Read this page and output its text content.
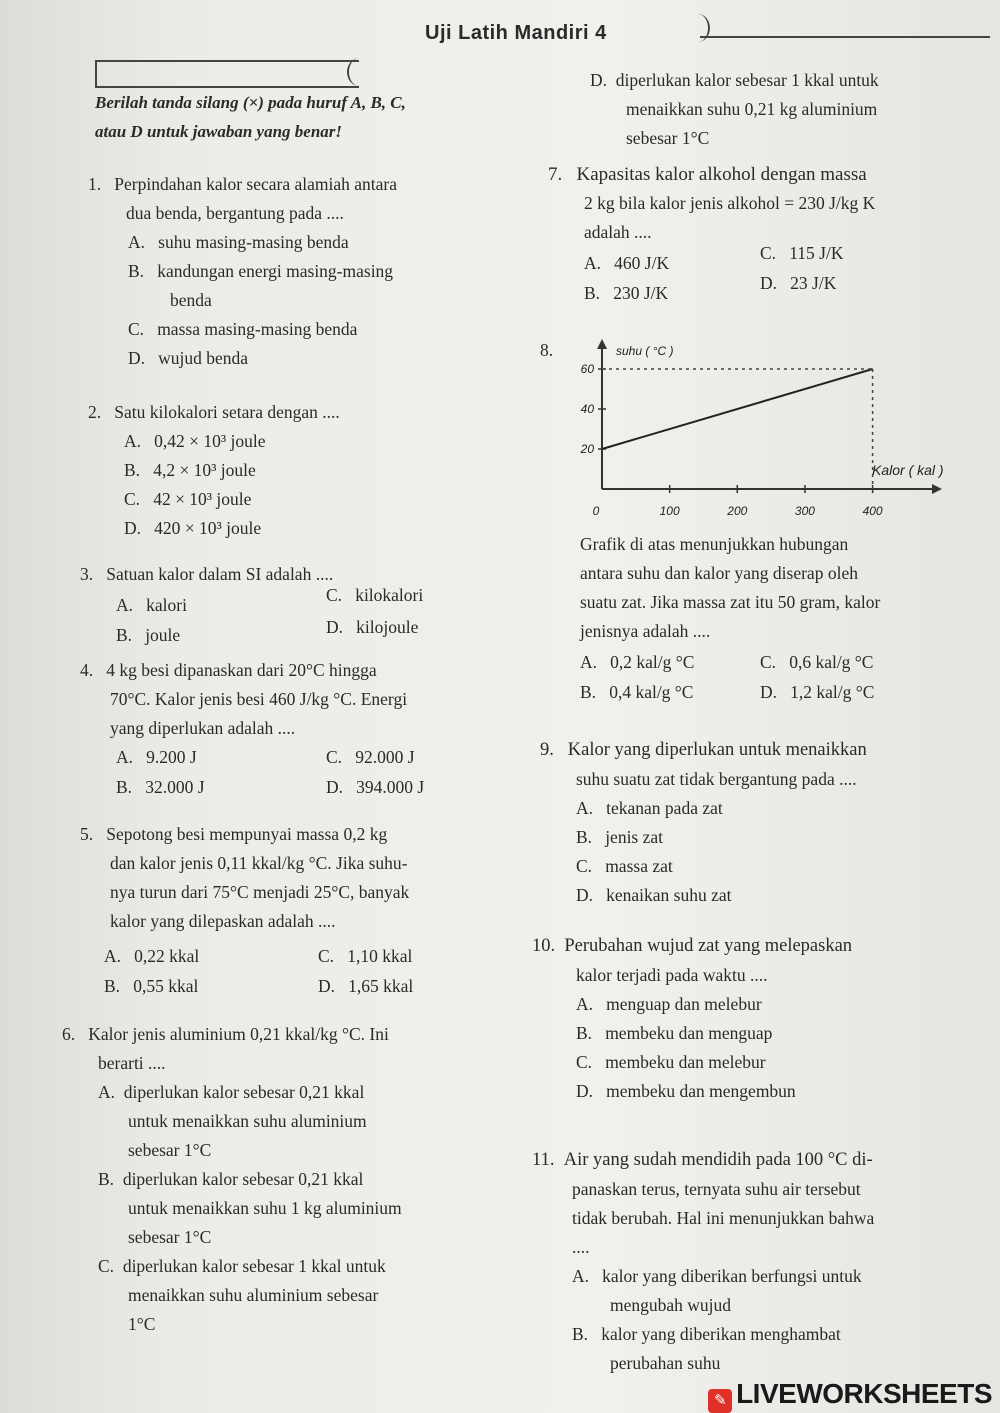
Uji Latih Mandiri 4
Berilah tanda silang (×) pada huruf A, B, C,
atau D untuk jawaban yang benar!
1. Perpindahan kalor secara alamiah antara
dua benda, bergantung pada ....
A. suhu masing-masing benda
B. kandungan energi masing-masing
benda
C. massa masing-masing benda
D. wujud benda
2. Satu kilokalori setara dengan ....
A. 0,42 × 10³ joule
B. 4,2 × 10³ joule
C. 42 × 10³ joule
D. 420 × 10³ joule
3. Satuan kalor dalam SI adalah ....
A. kalori
B. joule
C. kilokalori
D. kilojoule
4. 4 kg besi dipanaskan dari 20°C hingga
70°C. Kalor jenis besi 460 J/kg °C. Energi
yang diperlukan adalah ....
A. 9.200 J
B. 32.000 J
C. 92.000 J
D. 394.000 J
5. Sepotong besi mempunyai massa 0,2 kg
dan kalor jenis 0,11 kkal/kg °C. Jika suhu-
nya turun dari 75°C menjadi 25°C, banyak
kalor yang dilepaskan adalah ....
A. 0,22 kkal
B. 0,55 kkal
C. 1,10 kkal
D. 1,65 kkal
6. Kalor jenis aluminium 0,21 kkal/kg °C. Ini
berarti ....
A. diperlukan kalor sebesar 0,21 kkal
untuk menaikkan suhu aluminium
sebesar 1°C
B. diperlukan kalor sebesar 0,21 kkal
untuk menaikkan suhu 1 kg aluminium
sebesar 1°C
C. diperlukan kalor sebesar 1 kkal untuk
menaikkan suhu aluminium sebesar
1°C
D. diperlukan kalor sebesar 1 kkal untuk
menaikkan suhu 0,21 kg aluminium
sebesar 1°C
7. Kapasitas kalor alkohol dengan massa
2 kg bila kalor jenis alkohol = 230 J/kg K
adalah ....
A. 460 J/K
B. 230 J/K
C. 115 J/K
D. 23 J/K
8.	suhu ( °C )
Kalor ( kal )
0	100	200	300	400
20
40
60
Grafik di atas menunjukkan hubungan
antara suhu dan kalor yang diserap oleh
suatu zat. Jika massa zat itu 50 gram, kalor
jenisnya adalah ....
A. 0,2 kal/g °C
B. 0,4 kal/g °C
C. 0,6 kal/g °C
D. 1,2 kal/g °C
9. Kalor yang diperlukan untuk menaikkan
suhu suatu zat tidak bergantung pada ....
A. tekanan pada zat
B. jenis zat
C. massa zat
D. kenaikan suhu zat
10. Perubahan wujud zat yang melepaskan
kalor terjadi pada waktu ....
A. menguap dan melebur
B. membeku dan menguap
C. membeku dan melebur
D. membeku dan mengembun
11. Air yang sudah mendidih pada 100 °C di-
panaskan terus, ternyata suhu air tersebut
tidak berubah. Hal ini menunjukkan bahwa
....
A. kalor yang diberikan berfungsi untuk
mengubah wujud
B. kalor yang diberikan menghambat
perubahan suhu
✎ LIVEWORKSHEETS
